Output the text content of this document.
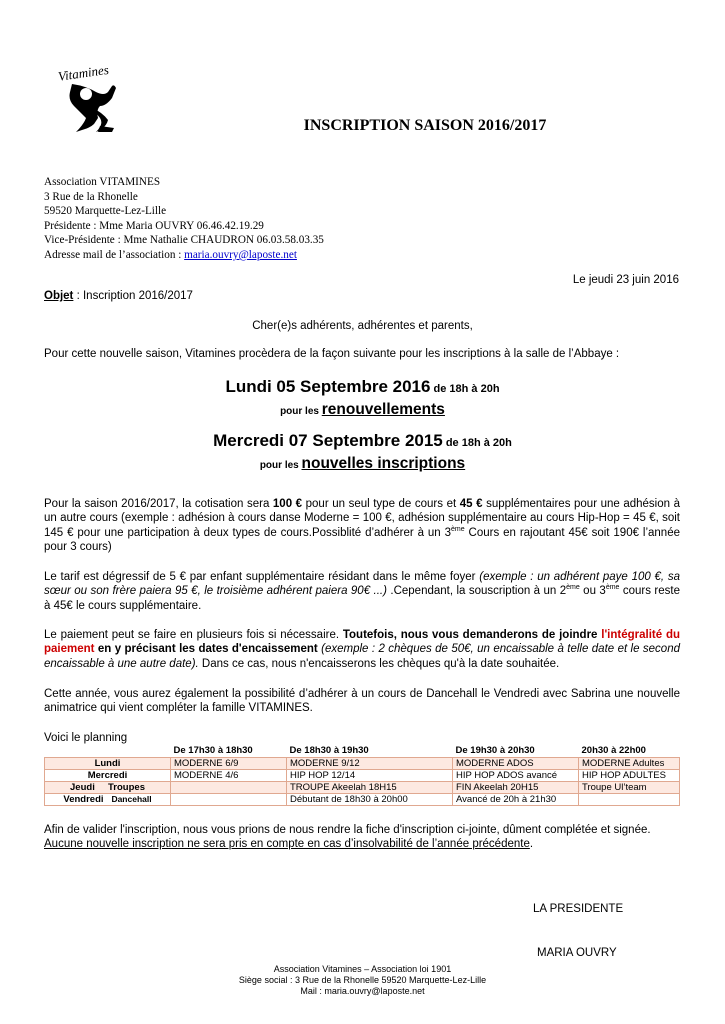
Vitamines
INSCRIPTION SAISON 2016/2017
Association VITAMINES
3 Rue de la Rhonelle
59520 Marquette-Lez-Lille
Présidente : Mme Maria OUVRY 06.46.42.19.29
Vice-Présidente : Mme Nathalie CHAUDRON 06.03.58.03.35
Adresse mail de l’association : maria.ouvry@laposte.net
Le jeudi 23 juin 2016
Objet : Inscription 2016/2017
Cher(e)s adhérents, adhérentes et parents,
Pour cette nouvelle saison, Vitamines procèdera de la façon suivante pour les inscriptions à la salle de l’Abbaye :
Lundi 05 Septembre 2016 de 18h à 20h
pour les renouvellements
Mercredi 07 Septembre 2015 de 18h à 20h
pour les nouvelles inscriptions
Pour la saison 2016/2017, la cotisation sera 100 € pour un seul type de cours et 45 € supplémentaires pour une adhésion à un autre cours (exemple : adhésion à cours danse Moderne = 100 €, adhésion supplémentaire au cours Hip-Hop = 45 €, soit 145 € pour une participation à deux types de cours.Possiblité d’adhérer à un 3ème Cours en rajoutant 45€ soit 190€ l’année pour 3 cours)
Le tarif est dégressif de 5 € par enfant supplémentaire résidant dans le même foyer (exemple : un adhérent paye 100 €, sa sœur ou son frère paiera 95 €, le troisième adhérent paiera 90€ ...) .Cependant, la souscription à un 2ème ou 3ème cours reste à 45€ le cours supplémentaire.
Le paiement peut se faire en plusieurs fois si nécessaire. Toutefois, nous vous demanderons de joindre l'intégralité du paiement en y précisant les dates d'encaissement (exemple : 2 chèques de 50€, un encaissable à telle date et le second encaissable à une autre date). Dans ce cas, nous n'encaisserons les chèques qu'à la date souhaitée.
Cette année, vous aurez également la possibilité d’adhérer à un cours de Dancehall le Vendredi avec Sabrina une nouvelle animatrice qui vient compléter la famille VITAMINES.
Voici le planning
	De 17h30 à 18h30	De 18h30 à 19h30	De 19h30 à 20h30	20h30 à 22h00
Lundi	MODERNE 6/9	MODERNE 9/12	MODERNE ADOS	MODERNE Adultes
Mercredi	MODERNE 4/6	HIP HOP 12/14	HIP HOP ADOS avancé	HIP HOP ADULTES
Jeudi Troupes		TROUPE Akeelah 18H15	FIN Akeelah 20H15	Troupe Ul’team
Vendredi Dancehall		Débutant de 18h30 à 20h00	Avancé de 20h à 21h30	
Afin de valider l'inscription, nous vous prions de nous rendre la fiche d'inscription ci-jointe, dûment complétée et signée.
Aucune nouvelle inscription ne sera pris en compte en cas d’insolvabilité de l’année précédente.
LA PRESIDENTE
MARIA OUVRY
Association Vitamines – Association loi 1901
Siège social : 3 Rue de la Rhonelle 59520 Marquette-Lez-Lille
Mail : maria.ouvry@laposte.net
